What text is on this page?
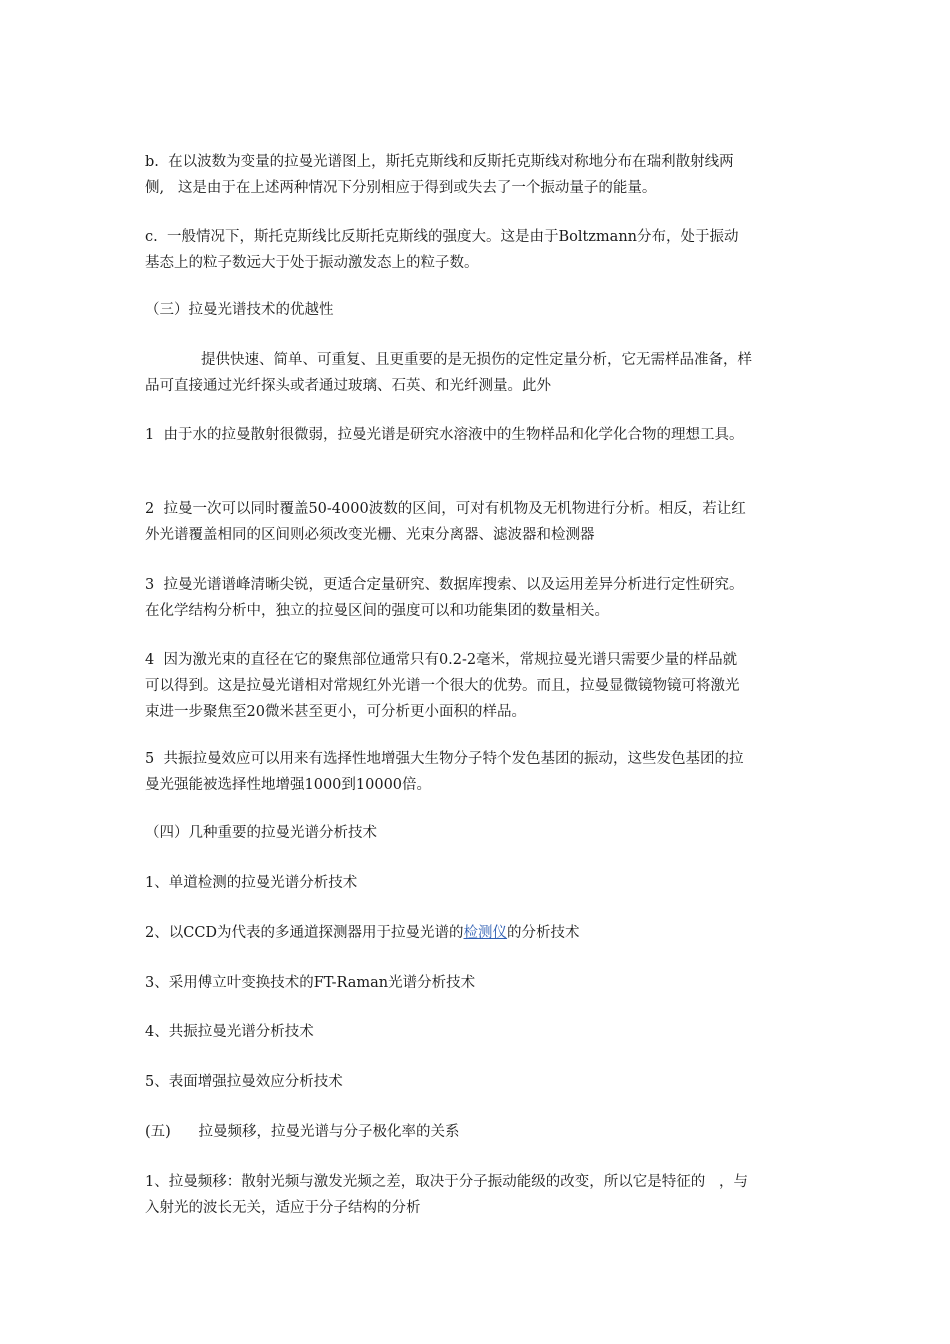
b.  在以波数为变量的拉曼光谱图上，斯托克斯线和反斯托克斯线对称地分布在瑞利散射线两
侧,   这是由于在上述两种情况下分别相应于得到或失去了一个振动量子的能量。

c.  一般情况下，斯托克斯线比反斯托克斯线的强度大。这是由于Boltzmann分布，处于振动
基态上的粒子数远大于处于振动激发态上的粒子数。

（三）拉曼光谱技术的优越性

提供快速、简单、可重复、且更重要的是无损伤的定性定量分析，它无需样品准备，样
品可直接通过光纤探头或者通过玻璃、石英、和光纤测量。此外

1  由于水的拉曼散射很微弱，拉曼光谱是研究水溶液中的生物样品和化学化合物的理想工具。

2  拉曼一次可以同时覆盖50-4000波数的区间，可对有机物及无机物进行分析。相反，若让红
外光谱覆盖相同的区间则必须改变光栅、光束分离器、滤波器和检测器

3  拉曼光谱谱峰清晰尖锐，更适合定量研究、数据库搜索、以及运用差异分析进行定性研究。
在化学结构分析中，独立的拉曼区间的强度可以和功能集团的数量相关。

4  因为激光束的直径在它的聚焦部位通常只有0.2-2毫米，常规拉曼光谱只需要少量的样品就
可以得到。这是拉曼光谱相对常规红外光谱一个很大的优势。而且，拉曼显微镜物镜可将激光
束进一步聚焦至20微米甚至更小，可分析更小面积的样品。

5  共振拉曼效应可以用来有选择性地增强大生物分子特个发色基团的振动，这些发色基团的拉
曼光强能被选择性地增强1000到10000倍。

（四）几种重要的拉曼光谱分析技术

1、单道检测的拉曼光谱分析技术

2、以CCD为代表的多通道探测器用于拉曼光谱的检测仪的分析技术

3、采用傅立叶变换技术的FT-Raman光谱分析技术

4、共振拉曼光谱分析技术

5、表面增强拉曼效应分析技术

(五)      拉曼频移，拉曼光谱与分子极化率的关系

1、拉曼频移：散射光频与激发光频之差，取决于分子振动能级的改变，所以它是特征的   ，与
入射光的波长无关，适应于分子结构的分析
